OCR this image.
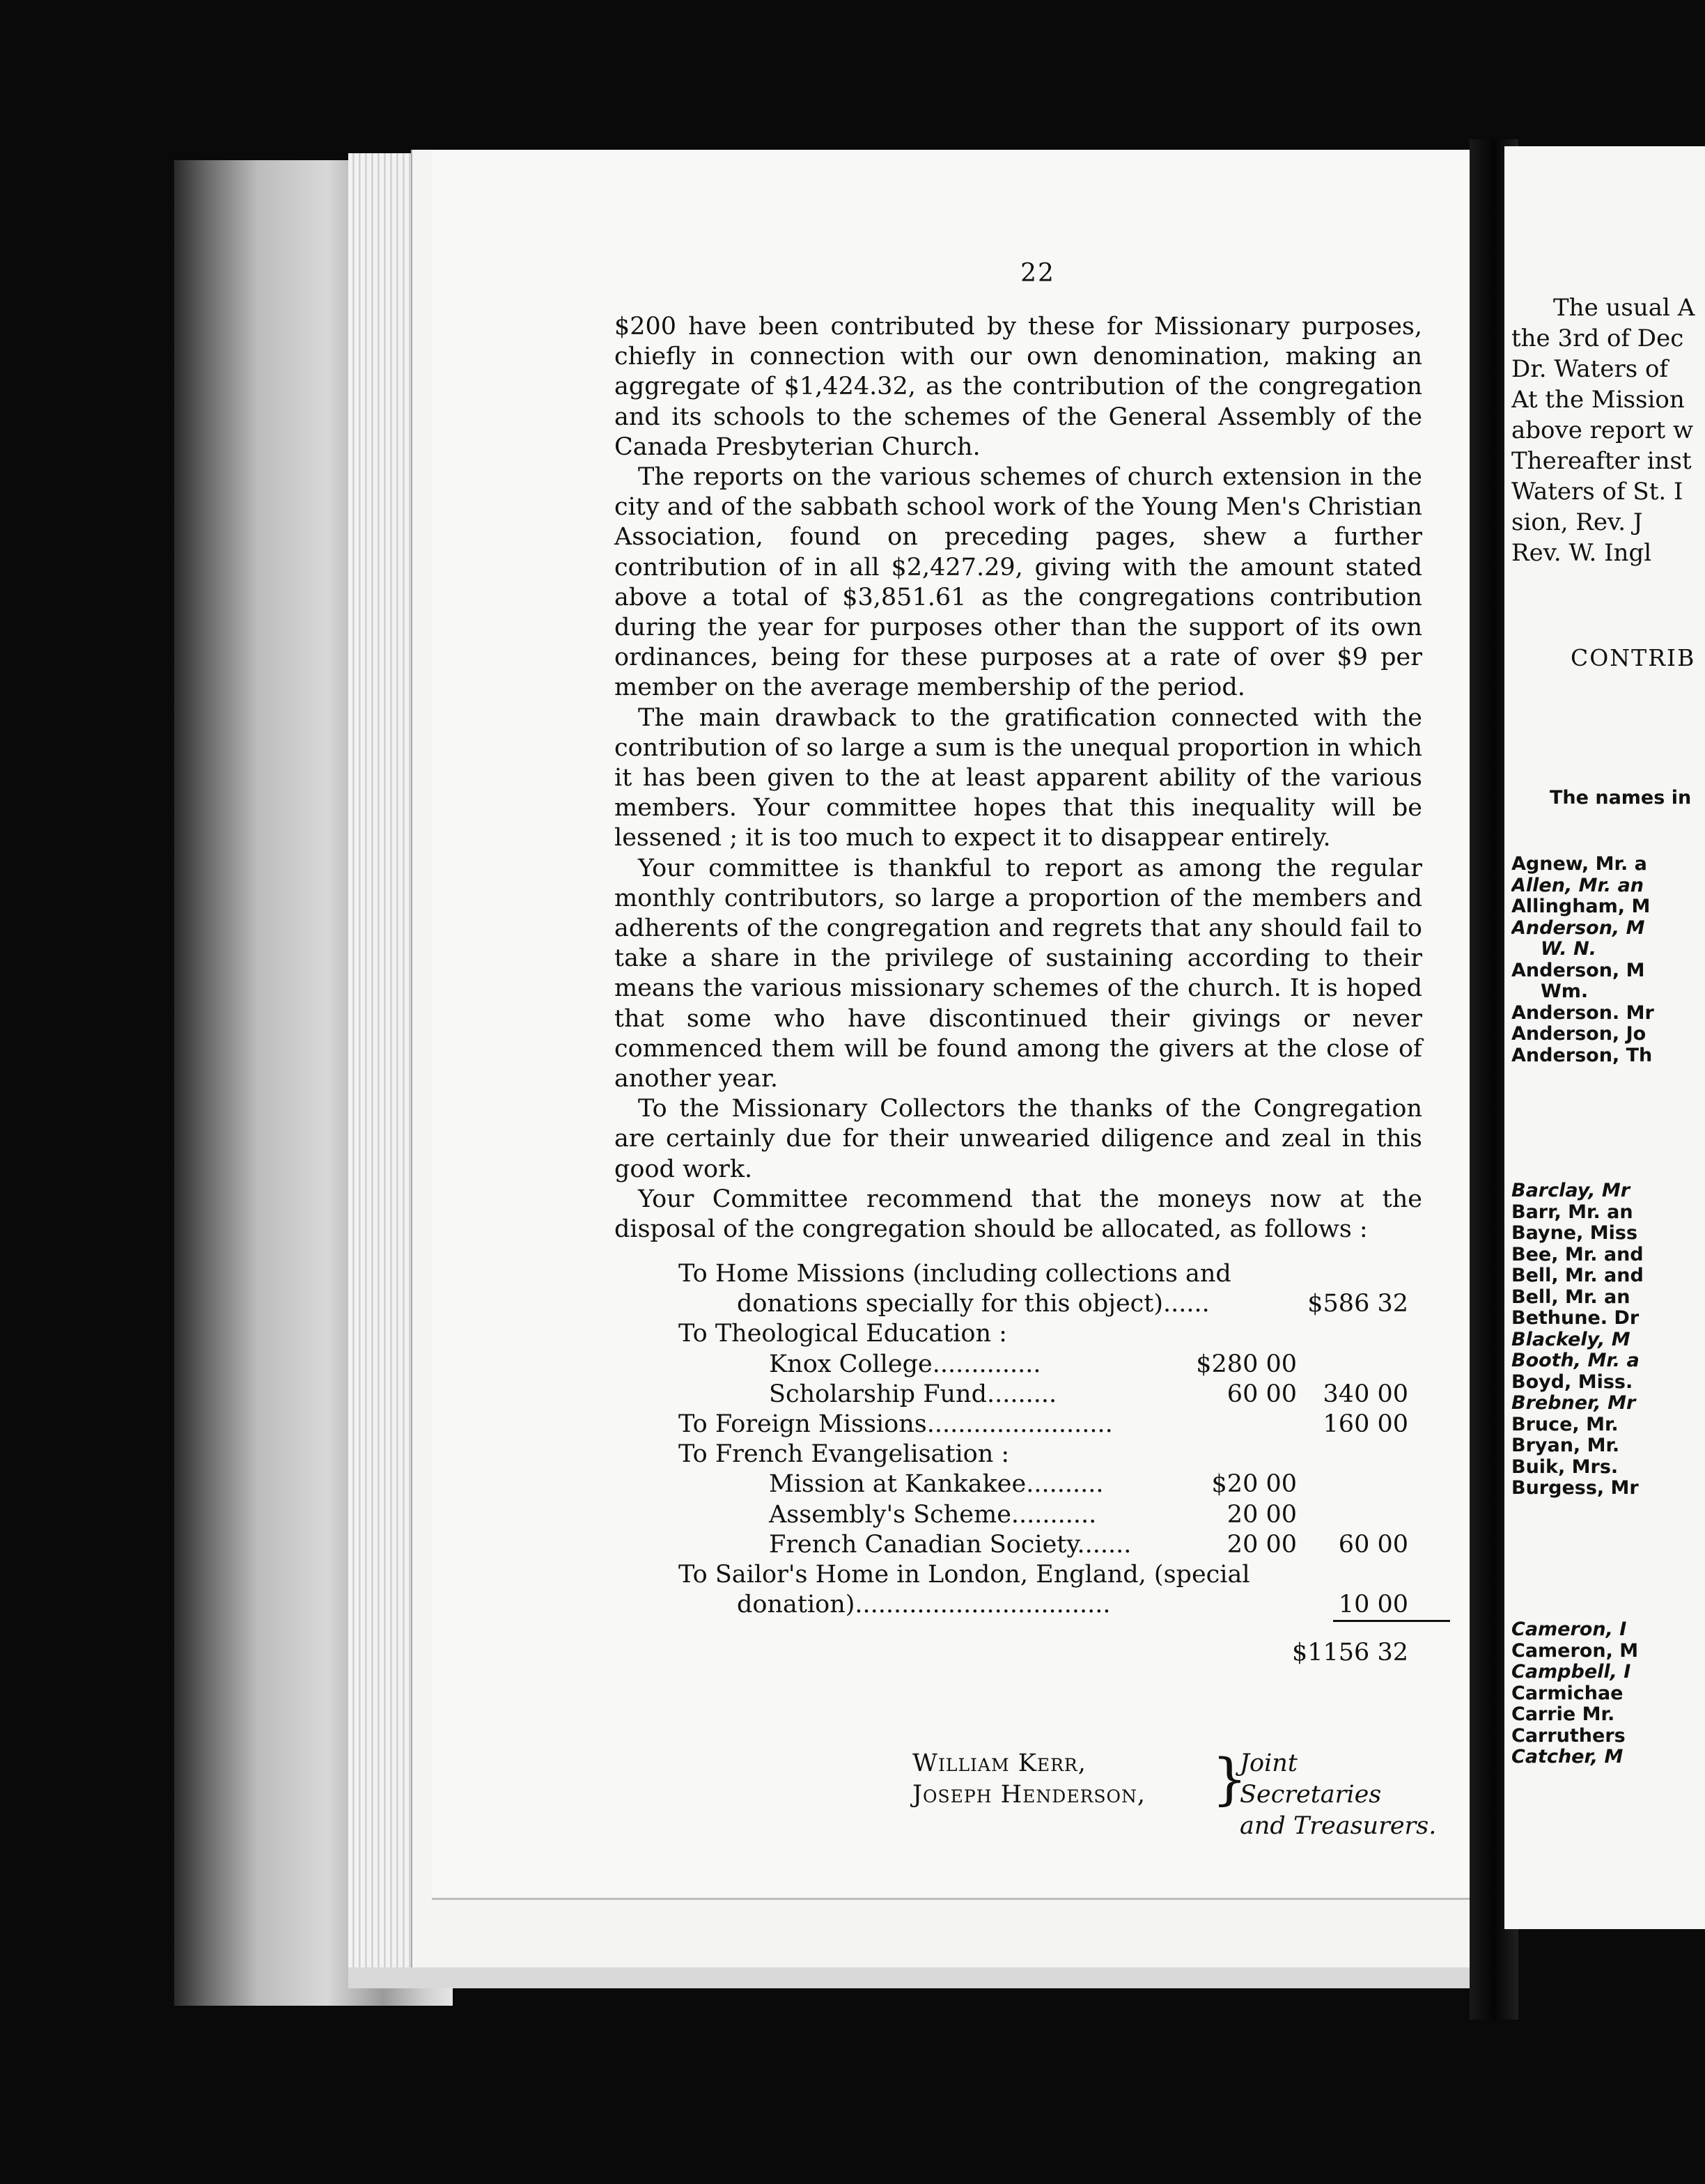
22

$200 have been contributed by these for Missionary purposes, chiefly in connection with our own denomination, making an aggregate of $1,424.32, as the contribution of the congregation and its schools to the schemes of the General Assembly of the Canada Presbyterian Church.

The reports on the various schemes of church extension in the city and of the sabbath school work of the Young Men's Christian Association, found on preceding pages, shew a further contribution of in all $2,427.29, giving with the amount stated above a total of $3,851.61 as the congregations contribution during the year for purposes other than the support of its own ordinances, being for these purposes at a rate of over $9 per member on the average membership of the period.

The main drawback to the gratification connected with the contribution of so large a sum is the unequal proportion in which it has been given to the at least apparent ability of the various members. Your committee hopes that this inequality will be lessened ; it is too much to expect it to disappear entirely.

Your committee is thankful to report as among the regular monthly contributors, so large a proportion of the members and adherents of the congregation and regrets that any should fail to take a share in the privilege of sustaining according to their means the various missionary schemes of the church. It is hoped that some who have discontinued their givings or never commenced them will be found among the givers at the close of another year.

To the Missionary Collectors the thanks of the Congregation are certainly due for their unwearied diligence and zeal in this good work.

Your Committee recommend that the moneys now at the disposal of the congregation should be allocated, as follows :

To Home Missions (including collections and
donations specially for this object)......	$586 32
To Theological Education :
Knox College..............	$280 00
Scholarship Fund.........	60 00 340 00
To Foreign Missions........................	160 00
To French Evangelisation :
Mission at Kankakee..........	$20 00
Assembly's Scheme...........	20 00
French Canadian Society.......	20 00 60 00
To Sailor's Home in London, England, (special
donation).................................	10 00
$1156 32
William Kerr,
Joseph Henderson, }
Joint Secretaries
and Treasurers.
The usual A
the 3rd of Dec
Dr. Waters of
At the Mission
above report w
Thereafter inst
Waters of St. I
sion, Rev. J
Rev. W. Ingl
CONTRIB
The names in
Agnew, Mr. a
Allen, Mr. an
Allingham, M
Anderson, M
W. N.
Anderson, M
Wm.
Anderson. Mr
Anderson, Jo
Anderson, Th
Barclay, Mr
Barr, Mr. an
Bayne, Miss
Bee, Mr. and
Bell, Mr. and
Bell, Mr. an
Bethune. Dr
Blackely, M
Booth, Mr. a
Boyd, Miss.
Brebner, Mr
Bruce, Mr.
Bryan, Mr.
Buik, Mrs.
Burgess, Mr
Cameron, I
Cameron, M
Campbell, I
Carmichae
Carrie Mr.
Carruthers
Catcher, M
